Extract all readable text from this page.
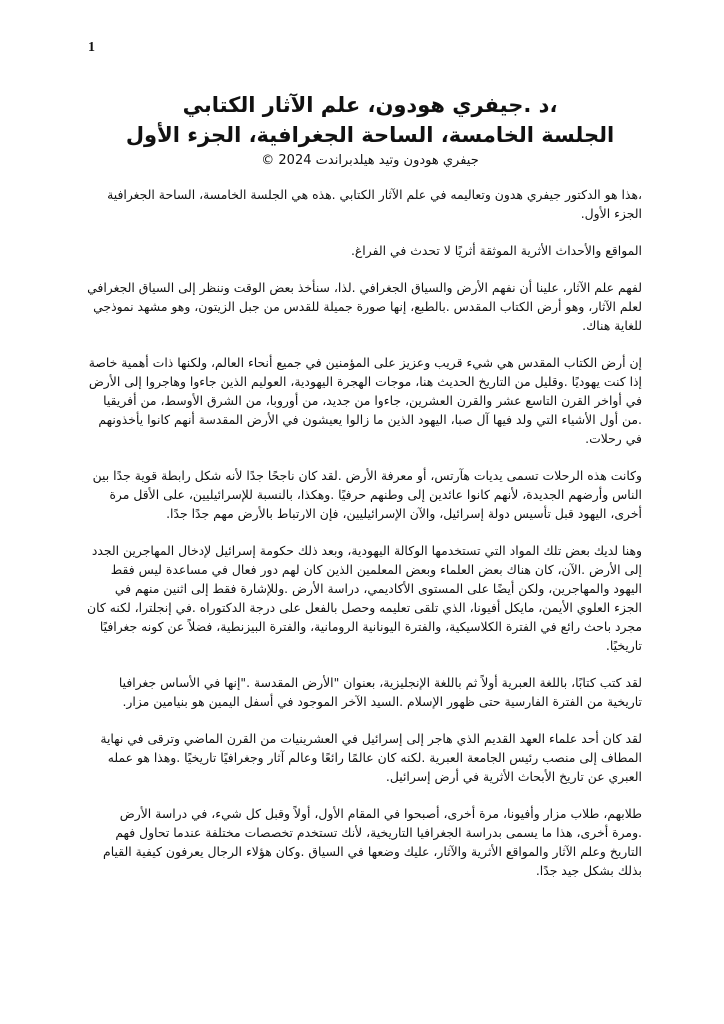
1
،د .جيفري هودون، علم الآثار الكتابي
الجلسة الخامسة، الساحة الجغرافية، الجزء الأول
جيفري هودون وتيد هيلدبراندت 2024 ©

،هذا هو الدكتور جيفري هدون وتعاليمه في علم الآثار الكتابي .هذه هي الجلسة الخامسة، الساحة الجغرافية الجزء الأول.

المواقع والأحداث الأثرية الموثقة أثريًا لا تحدث في الفراغ.

لفهم علم الآثار، علينا أن نفهم الأرض والسياق الجغرافي .لذا، سنأخذ بعض الوقت وننظر إلى السياق الجغرافي لعلم الآثار، وهو أرض الكتاب المقدس .بالطبع، إنها صورة جميلة للقدس من جبل الزيتون، وهو مشهد نموذجي للغاية هناك.

إن أرض الكتاب المقدس هي شيء قريب وعزيز على المؤمنين في جميع أنحاء العالم، ولكنها ذات أهمية خاصة إذا كنت يهوديًا .وقليل من التاريخ الحديث هنا، موجات الهجرة اليهودية، العوليم الذين جاءوا وهاجروا إلى الأرض في أواخر القرن التاسع عشر والقرن العشرين، جاءوا من جديد، من أوروبا، من الشرق الأوسط، من أفريقيا .من أول الأشياء التي ولد فيها آل صبا، اليهود الذين ما زالوا يعيشون في الأرض المقدسة أنهم كانوا يأخذونهم في رحلات.

وكانت هذه الرحلات تسمى يديات هآرتس، أو معرفة الأرض .لقد كان ناجحًا جدًا لأنه شكل رابطة قوية جدًا بين الناس وأرضهم الجديدة، لأنهم كانوا عائدين إلى وطنهم حرفيًا .وهكذا، بالنسبة للإسرائيليين، على الأقل مرة أخرى، اليهود قبل تأسيس دولة إسرائيل، والآن الإسرائيليين، فإن الارتباط بالأرض مهم جدًا جدًا.

وهنا لديك بعض تلك المواد التي تستخدمها الوكالة اليهودية، وبعد ذلك حكومة إسرائيل لإدخال المهاجرين الجدد إلى الأرض .الآن، كان هناك بعض العلماء وبعض المعلمين الذين كان لهم دور فعال في مساعدة ليس فقط اليهود والمهاجرين، ولكن أيضًا على المستوى الأكاديمي، دراسة الأرض .وللإشارة فقط إلى اثنين منهم في الجزء العلوي الأيمن، مايكل أفيونا، الذي تلقى تعليمه وحصل بالفعل على درجة الدكتوراه .في إنجلترا، لكنه كان مجرد باحث رائع في الفترة الكلاسيكية، والفترة اليونانية الرومانية، والفترة البيزنطية، فضلاً عن كونه جغرافيًا تاريخيًا.

لقد كتب كتابًا، باللغة العبرية أولاً ثم باللغة الإنجليزية، بعنوان "الأرض المقدسة ."إنها في الأساس جغرافيا تاريخية من الفترة الفارسية حتى ظهور الإسلام .السيد الآخر الموجود في أسفل اليمين هو بنيامين مزار.

لقد كان أحد علماء العهد القديم الذي هاجر إلى إسرائيل في العشرينيات من القرن الماضي وترقى في نهاية المطاف إلى منصب رئيس الجامعة العبرية .لكنه كان عالمًا رائعًا وعالم آثار وجغرافيًا تاريخيًا .وهذا هو عمله العبري عن تاريخ الأبحاث الأثرية في أرض إسرائيل.

طلابهم، طلاب مزار وأفيونا، مرة أخرى، أصبحوا في المقام الأول، أولاً وقبل كل شيء، في دراسة الأرض .ومرة أخرى، هذا ما يسمى بدراسة الجغرافيا التاريخية، لأنك تستخدم تخصصات مختلفة عندما تحاول فهم التاريخ وعلم الآثار والمواقع الأثرية والآثار، عليك وضعها في السياق .وكان هؤلاء الرجال يعرفون كيفية القيام بذلك بشكل جيد جدًا.
